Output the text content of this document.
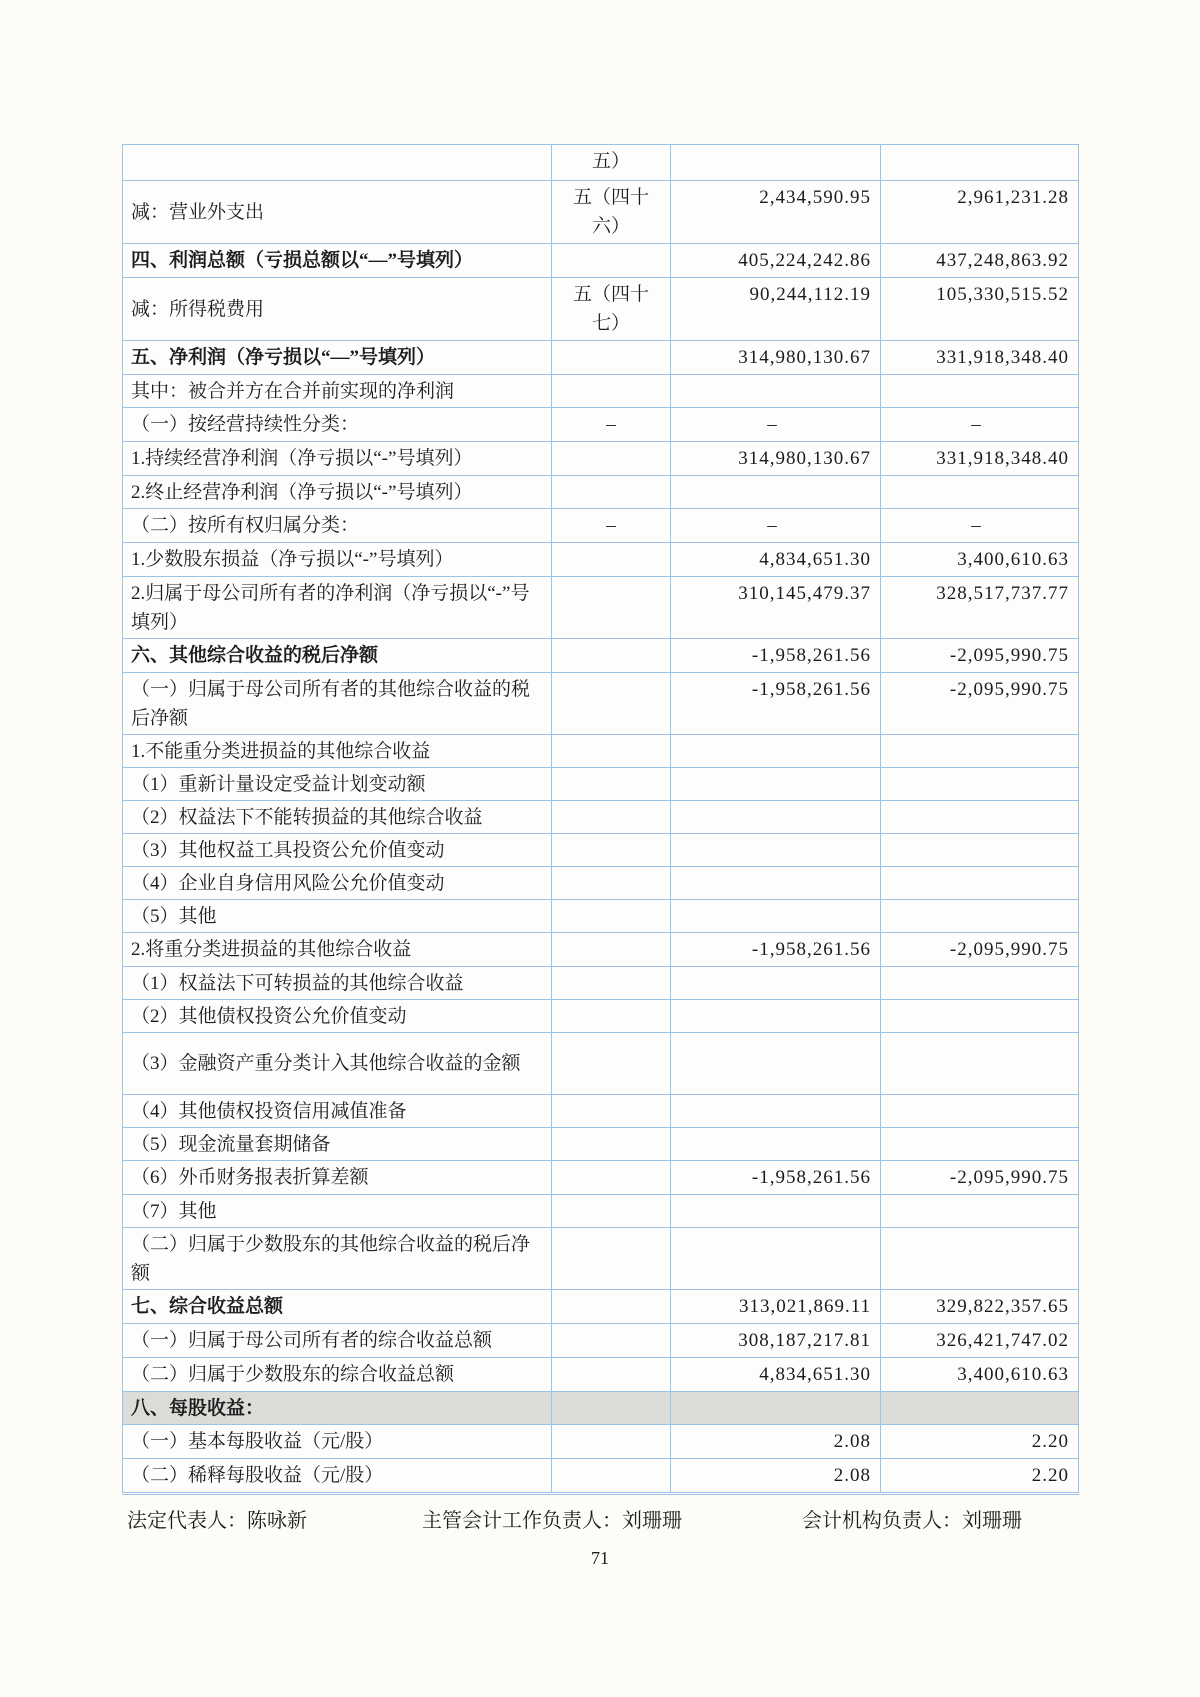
	五）		
减：营业外支出	五（四十六）	2,434,590.95	2,961,231.28
四、利润总额（亏损总额以“—”号填列）		405,224,242.86	437,248,863.92
减：所得税费用	五（四十七）	90,244,112.19	105,330,515.52
五、净利润（净亏损以“—”号填列）		314,980,130.67	331,918,348.40
其中：被合并方在合并前实现的净利润			
（一）按经营持续性分类：	–	–	–
1.持续经营净利润（净亏损以“-”号填列）		314,980,130.67	331,918,348.40
2.终止经营净利润（净亏损以“-”号填列）			
（二）按所有权归属分类：	–	–	–
1.少数股东损益（净亏损以“-”号填列）		4,834,651.30	3,400,610.63
2.归属于母公司所有者的净利润（净亏损以“-”号填列）		310,145,479.37	328,517,737.77
六、其他综合收益的税后净额		-1,958,261.56	-2,095,990.75
（一）归属于母公司所有者的其他综合收益的税后净额		-1,958,261.56	-2,095,990.75
1.不能重分类进损益的其他综合收益			
（1）重新计量设定受益计划变动额			
（2）权益法下不能转损益的其他综合收益			
（3）其他权益工具投资公允价值变动			
（4）企业自身信用风险公允价值变动			
（5）其他			
2.将重分类进损益的其他综合收益		-1,958,261.56	-2,095,990.75
（1）权益法下可转损益的其他综合收益			
（2）其他债权投资公允价值变动			
（3）金融资产重分类计入其他综合收益的金额			
（4）其他债权投资信用减值准备			
（5）现金流量套期储备			
（6）外币财务报表折算差额		-1,958,261.56	-2,095,990.75
（7）其他			
（二）归属于少数股东的其他综合收益的税后净额			
七、综合收益总额		313,021,869.11	329,822,357.65
（一）归属于母公司所有者的综合收益总额		308,187,217.81	326,421,747.02
（二）归属于少数股东的综合收益总额		4,834,651.30	3,400,610.63
八、每股收益：			
（一）基本每股收益（元/股）		2.08	2.20
（二）稀释每股收益（元/股）		2.08	2.20
法定代表人：陈咏新	主管会计工作负责人：刘珊珊	会计机构负责人：刘珊珊
71
